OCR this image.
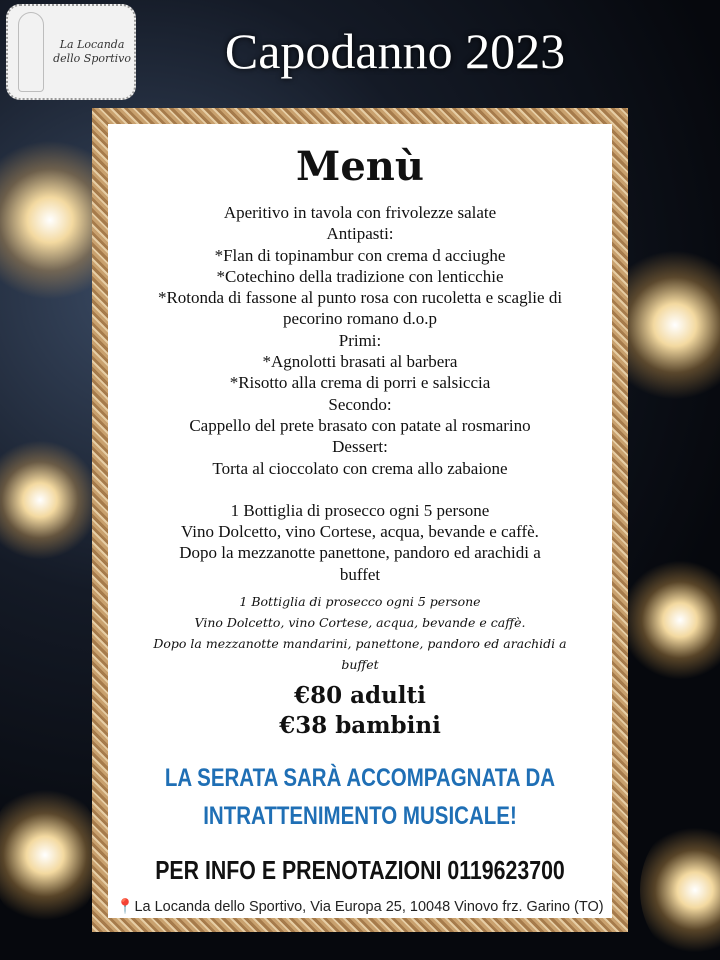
La Locanda dello Sportivo	Capodanno 2023
Menù
Aperitivo in tavola con frivolezze salate
Antipasti:
*Flan di topinambur con crema d acciughe
*Cotechino della tradizione con lenticchie
*Rotonda di fassone al punto rosa con rucoletta e scaglie di
pecorino romano d.o.p
Primi:
*Agnolotti brasati al barbera
*Risotto alla crema di porri e salsiccia
Secondo:
Cappello del prete brasato con patate al rosmarino
Dessert:
Torta al cioccolato con crema allo zabaione
1 Bottiglia di prosecco ogni 5 persone
Vino Dolcetto, vino Cortese, acqua, bevande e caffè.
Dopo la mezzanotte panettone, pandoro ed arachidi a
buffet
1 Bottiglia di prosecco ogni 5 persone
Vino Dolcetto, vino Cortese, acqua, bevande e caffè.
Dopo la mezzanotte mandarini, panettone, pandoro ed arachidi a
buffet
€80 adulti
€38 bambini
LA SERATA SARÀ ACCOMPAGNATA DA
INTRATTENIMENTO MUSICALE!
PER INFO E PRENOTAZIONI 0119623700
📍La Locanda dello Sportivo, Via Europa 25, 10048 Vinovo frz. Garino (TO)
